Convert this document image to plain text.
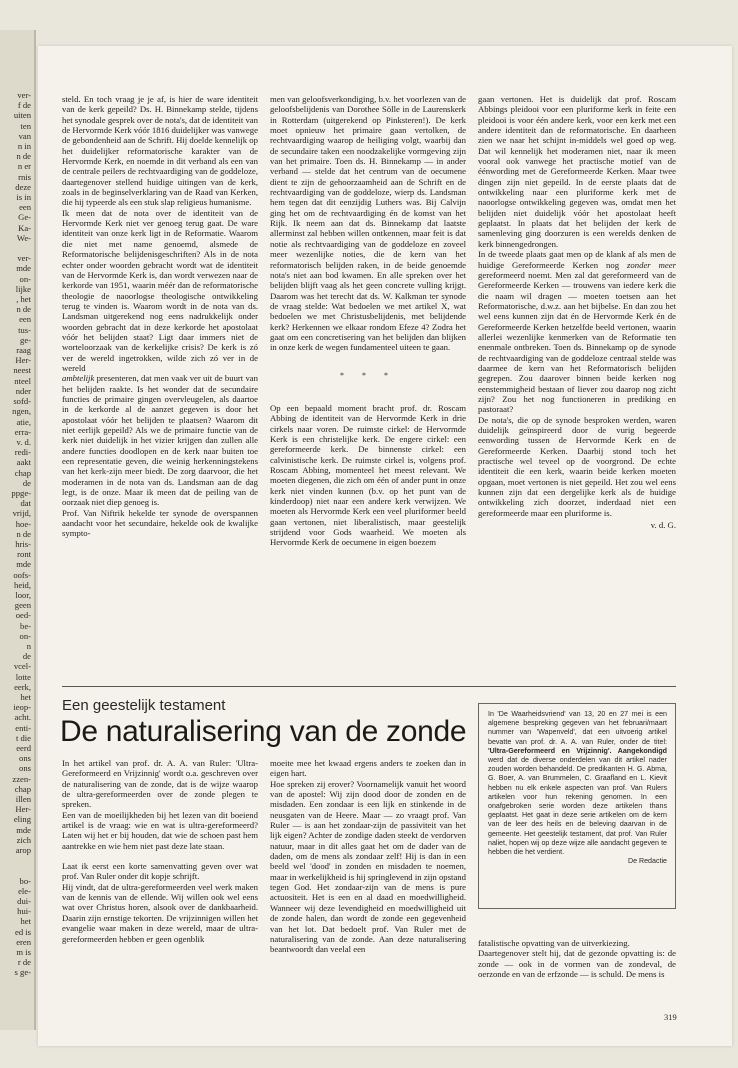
ver-
f de
uiten
ten
van
n in
n de
n er
rnis
deze
is in
een
Ge-
Ka-
We-

ver-
mde
on-
lijke
, het
n de
een
tus-
ge-
raag
Her-
neest
nteel
nder
sofd-
ngen,
atie,
erra-
v. d.
redi-
aakt
chap
de
ppge-
dat
vrijd,
hoe-
n de
hris-
ront
mde
oofs-
heid,
loor,
geen
oed-
be-
on-
n
de
vcel-
lotte
eerk,
het
ieop-
acht.
enti-
t die
eerd
ons
ons
zzen-
chap
illen
Her-
eling
mde
zich
arop

bo-
ele-
dui-
hui-
het
ed is
eren
m is
r de
s ge-

steld. En toch vraag je je af, is hier de ware identiteit van de kerk gepeild? Ds. H. Binnekamp stelde, tijdens het synodale gesprek over de nota's, dat de identiteit van de Hervormde Kerk vóór 1816 duidelijker was vanwege de gebondenheid aan de Schrift. Hij doelde kennelijk op het duidelijker reformatorische karakter van de Hervormde Kerk, en noemde in dit verband als een van de centrale peilers de rechtvaardiging van de goddeloze, daartegenover stellend huidige uitingen van de kerk, zoals in de beginselverklaring van de Raad van Kerken, die hij typeerde als een stuk slap religieus humanisme.

Ik meen dat de nota over de identiteit van de Hervormde Kerk niet ver genoeg terug gaat. De ware identiteit van onze kerk ligt in de Reformatie. Waarom die niet met name genoemd, alsmede de Reformatorische belijdenisgeschriften? Als in de nota echter onder woorden gebracht wordt wat de identiteit van de Hervormde Kerk is, dan wordt verwezen naar de kerkorde van 1951, waarin méér dan de reformatorische theologie de naoorlogse theologische ontwikkeling terug te vinden is. Waarom wordt in de nota van ds. Landsman uitgerekend nog eens nadrukkelijk onder woorden gebracht dat in deze kerkorde het apostolaat vóór het belijden staat? Ligt daar immers niet de worteloorzaak van de kerkelijke crisis? De kerk is zó ver de wereld ingetrokken, wilde zich zó ver in de wereld

ambtelijk presenteren, dat men vaak ver uit de buurt van het belijden raakte. Is het wonder dat de secundaire functies de primaire gingen overvleugelen, als daartoe in de kerkorde al de aanzet gegeven is door het apostolaat vóór het belijden te plaatsen? Waarom dit niet eerlijk gepeild? Als we de primaire functie van de kerk niet duidelijk in het vizier krijgen dan zullen alle andere functies doodlopen en de kerk naar buiten toe een representatie geven, die weinig herkenningstekens van het kerk-zijn meer biedt. De zorg daarvoor, die het moderamen in de nota van ds. Landsman aan de dag legt, is de onze. Maar ik meen dat de peiling van de oorzaak niet diep genoeg is.

Prof. Van Niftrik hekelde ter synode de overspannen aandacht voor het secundaire, hekelde ook de kwalijke sympto-

men van geloofsverkondiging, b.v. het voorlezen van de geloofsbelijdenis van Dorothee Sölle in de Laurenskerk in Rotterdam (uitgerekend op Pinksteren!). De kerk moet opnieuw het primaire gaan vertolken, de rechtvaardiging waarop de heiliging volgt, waarbij dan de secundaire taken een noodzakelijke vormgeving zijn van het primaire. Toen ds. H. Binnekamp — in ander verband — stelde dat het centrum van de oecumene dient te zijn de gehoorzaamheid aan de Schrift en de rechtvaardiging van de goddeloze, wierp ds. Landsman hem tegen dat dit eenzijdig Luthers was. Bij Calvijn ging het om de rechtvaardiging én de komst van het Rijk. Ik neem aan dat ds. Binnekamp dat laatste allerminst zal hebben willen ontkennen, maar feit is dat notie als rechtvaardiging van de goddeloze en zoveel meer wezenlijke noties, die de kern van het reformatorisch belijden raken, in de beide genoemde nota's niet aan bod kwamen. En alle spreken over het belijden blijft vaag als het geen concrete vulling krijgt. Daarom was het terecht dat ds. W. Kalkman ter synode de vraag stelde: Wat bedoelen we met artikel X, wat bedoelen we met Christusbelijdenis, met belijdende kerk? Herkennen we elkaar rondom Efeze 4? Zodra het gaat om een concretisering van het belijden dan blijken in onze kerk de wegen fundamenteel uiteen te gaan.

* * *

Op een bepaald moment bracht prof. dr. Roscam Abbing de identiteit van de Hervormde Kerk in drie cirkels naar voren. De ruimste cirkel: de Hervormde Kerk is een christelijke kerk. De engere cirkel: een gereformeerde kerk. De binnenste cirkel: een calvinistische kerk. De ruimste cirkel is, volgens prof. Roscam Abbing, momenteel het meest relevant. We moeten diegenen, die zich om één of ander punt in onze kerk niet vinden kunnen (b.v. op het punt van de kinderdoop) niet naar een andere kerk verwijzen. We moeten als Hervormde Kerk een veel pluriformer beeld gaan vertonen, niet liberalistisch, maar geestelijk strijdend voor Gods waarheid. We moeten als Hervormde Kerk de oecumene in eigen boezem

gaan vertonen. Het is duidelijk dat prof. Roscam Abbings pleidooi voor een pluriforme kerk in feite een pleidooi is voor één andere kerk, voor een kerk met een andere identiteit dan de reformatorische. En daarheen zien we naar het schijnt in-middels wel goed op weg. Dat wil kennelijk het moderamen niet, naar ik meen vooral ook vanwege het practische motief van de éénwording met de Gereformeerde Kerken. Maar twee dingen zijn niet gepeild. In de eerste plaats dat de ontwikkeling naar een pluriforme kerk met de naoorlogse ontwikkeling gegeven was, omdat men het belijden niet duidelijk vóór het apostolaat heeft geplaatst. In plaats dat het belijden der kerk de samenleving ging doorzuren is een werelds denken de kerk binnengedrongen.

In de tweede plaats gaat men op de klank af als men de huidige Gereformeerde Kerken nog zonder meer gereformeerd noemt. Men zal dat gereformeerd van de Gereformeerde Kerken — trouwens van iedere kerk die die naam wil dragen — moeten toetsen aan het Reformatorische, d.w.z. aan het bijbelse. En dan zou het wel eens kunnen zijn dat én de Hervormde Kerk én de Gereformeerde Kerken hetzelfde beeld vertonen, waarin allerlei wezenlijke kenmerken van de Reformatie ten enenmale ontbreken. Toen ds. Binnekamp op de synode de rechtvaardiging van de goddeloze centraal stelde was daarmee de kern van het Reformatorisch belijden gegrepen. Zou daarover binnen beide kerken nog eenstemmigheid bestaan of liever zou daarop nog zicht zijn? Zou het nog functioneren in prediking en pastoraat?

De nota's, die op de synode besproken werden, waren duidelijk geïnspireerd door de vurig begeerde eenwording tussen de Hervormde Kerk en de Gereformeerde Kerken. Daarbij stond toch het practische wel teveel op de voorgrond. De echte identiteit die een kerk, waarin beide kerken moeten opgaan, moet vertonen is niet gepeild. Het zou wel eens kunnen zijn dat een dergelijke kerk als de huidige ontwikkeling zich doorzet, inderdaad niet een gereformeerde maar een pluriforme is.

v. d. G.
Een geestelijk testament
De naturalisering van de zonde

In het artikel van prof. dr. A. A. van Ruler: 'Ultra-Gereformeerd en Vrijzinnig' wordt o.a. geschreven over de naturalisering van de zonde, dat is de wijze waarop de ultra-gereformeerden over de zonde plegen te spreken.

Een van de moeilijkheden bij het lezen van dit boeiend artikel is de vraag: wie en wat is ultra-gereformeerd? Laten wij het er bij houden, dat wie de schoen past hem aantrekke en wie hem niet past deze late staan.

Laat ik eerst een korte samenvatting geven over wat prof. Van Ruler onder dit kopje schrijft.

Hij vindt, dat de ultra-gereformeerden veel werk maken van de kennis van de ellende. Wij willen ook wel eens wat over Christus horen, alsook over de dankbaarheid. Daarin zijn ernstige tekorten. De vrijzinnigen willen het evangelie waar maken in deze wereld, maar de ultra-gereformeerden hebben er geen ogenblik

moeite mee het kwaad ergens anders te zoeken dan in eigen hart.

Hoe spreken zij erover? Voornamelijk vanuit het woord van de apostel: Wij zijn dood door de zonden en de misdaden. Een zondaar is een lijk en stinkende in de neusgaten van de Heere. Maar — zo vraagt prof. Van Ruler — is aan het zondaar-zijn de passiviteit van het lijk eigen? Achter de zondige daden steekt de verdorven natuur, maar in dit alles gaat het om de dader van de daden, om de mens als zondaar zelf! Hij is dan in een beeld wel 'dood' in zonden en misdaden te noemen, maar in werkelijkheid is hij springlevend in zijn opstand tegen God. Het zondaar-zijn van de mens is pure actuositeit. Het is een en al daad en moedwilligheid. Wanneer wij deze levendigheid en moedwilligheid uit de zonde halen, dan wordt de zonde een gegevenheid van het lot. Dat bedoelt prof. Van Ruler met de naturalisering van de zonde. Aan deze naturalisering beantwoordt dan veelal een

In 'De Waarheidsvriend' van 13, 20 en 27 mei is een algemene bespreking gegeven van het februari/maart nummer van 'Wapenveld', dat een uitvoerig artikel bevatte van prof. dr. A. A. van Ruler, onder de titel: 'Ultra-Gereformeerd en Vrijzinnig'. Aangekondigd werd dat de diverse onderdelen van dit artikel nader zouden worden behandeld. De predikanten H. G. Abma, G. Boer, A. van Brummelen, C. Graafland en L. Kievit hebben nu elk enkele aspecten van prof. Van Rulers artikelen voor hun rekening genomen. In een onafgebroken serie worden deze artikelen thans geplaatst. Het gaat in deze serie artikelen om de kern van de leer des heils en de beleving daarvan in de gemeente. Het geestelijk testament, dat prof. Van Ruler naliet, hopen wij op deze wijze alle aandacht gegeven te hebben die het verdient.

De Redactie

fatalistische opvatting van de uitverkiezing.

Daartegenover stelt hij, dat de gezonde opvatting is: de zonde — ook in de vormen van de zondeval, de oerzonde en van de erfzonde — is schuld. De mens is

319
